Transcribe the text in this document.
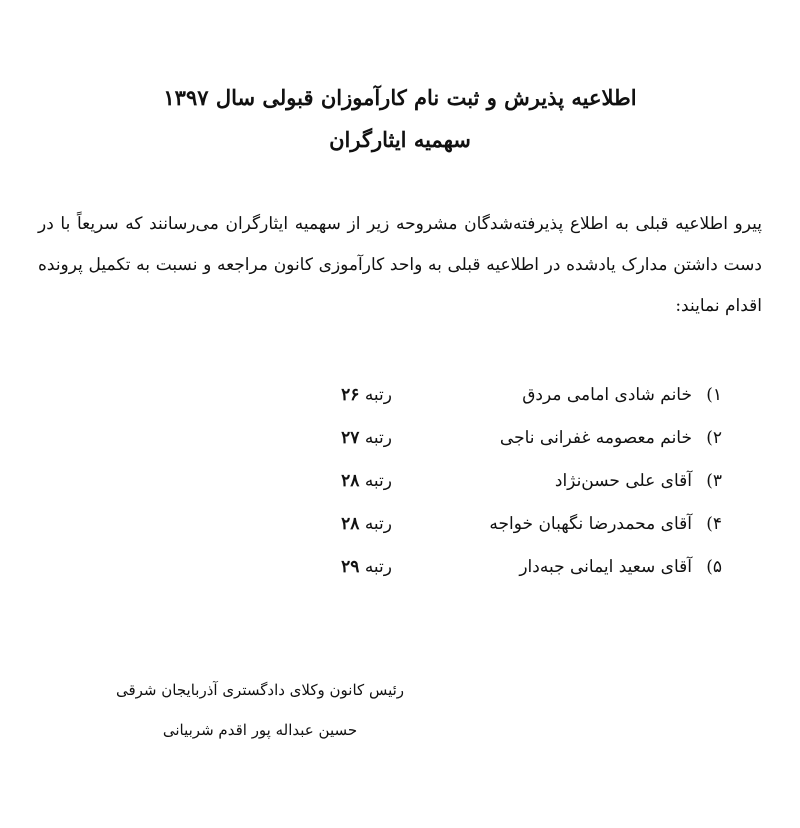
اطلاعیه پذیرش و ثبت نام کارآموزان قبولی سال ۱۳۹۷
سهمیه ایثارگران
پیرو اطلاعیه قبلی به اطلاع پذیرفته‌شدگان مشروحه زیر از سهمیه ایثارگران می‌رسانند که سریعاً با در دست داشتن مدارک یادشده در اطلاعیه قبلی به واحد کارآموزی کانون مراجعه و نسبت به تکمیل پرونده اقدام نمایند:
۱)
خانم شادی امامی مردق
رتبه ۲۶
۲)
خانم معصومه غفرانی ناجی
رتبه ۲۷
۳)
آقای علی حسن‌نژاد
رتبه ۲۸
۴)
آقای محمدرضا نگهبان خواجه
رتبه ۲۸
۵)
آقای سعید ایمانی جبه‌دار
رتبه ۲۹
رئیس کانون وکلای دادگستری آذربایجان شرقی
حسین عبداله پور اقدم شربیانی
